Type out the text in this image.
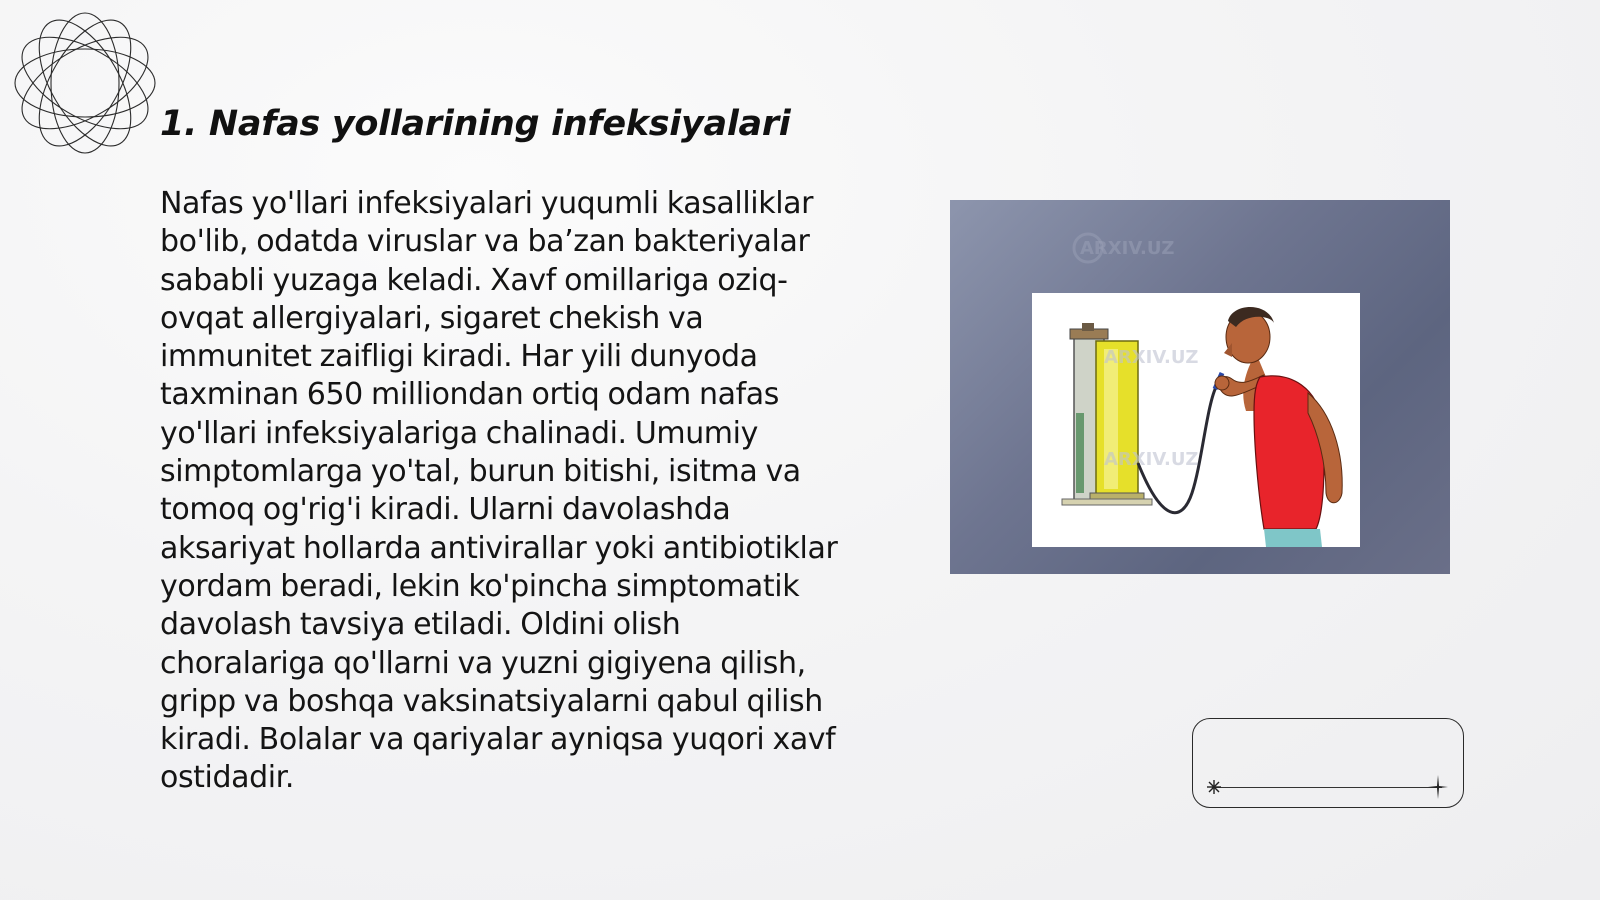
1. Nafas yollarining infeksiyalari

Nafas yo'llari infeksiyalari yuqumli kasalliklar bo'lib, odatda viruslar va ba’zan bakteriyalar sababli yuzaga keladi. Xavf omillariga oziq-ovqat allergiyalari, sigaret chekish va immunitet zaifligi kiradi. Har yili dunyoda taxminan 650 milliondan ortiq odam nafas yo'llari infeksiyalariga chalinadi. Umumiy simptomlarga yo'tal, burun bitishi, isitma va tomoq og'rig'i kiradi. Ularni davolashda aksariyat hollarda antivirallar yoki antibiotiklar yordam beradi, lekin ko'pincha simptomatik davolash tavsiya etiladi. Oldini olish choralariga qo'llarni va yuzni gigiyena qilish, gripp va boshqa vaksinatsiyalarni qabul qilish kiradi. Bolalar va qariyalar ayniqsa yuqori xavf ostidadir.

ARXIV.UZ
ARXIV.UZ
ARXIV.UZ
